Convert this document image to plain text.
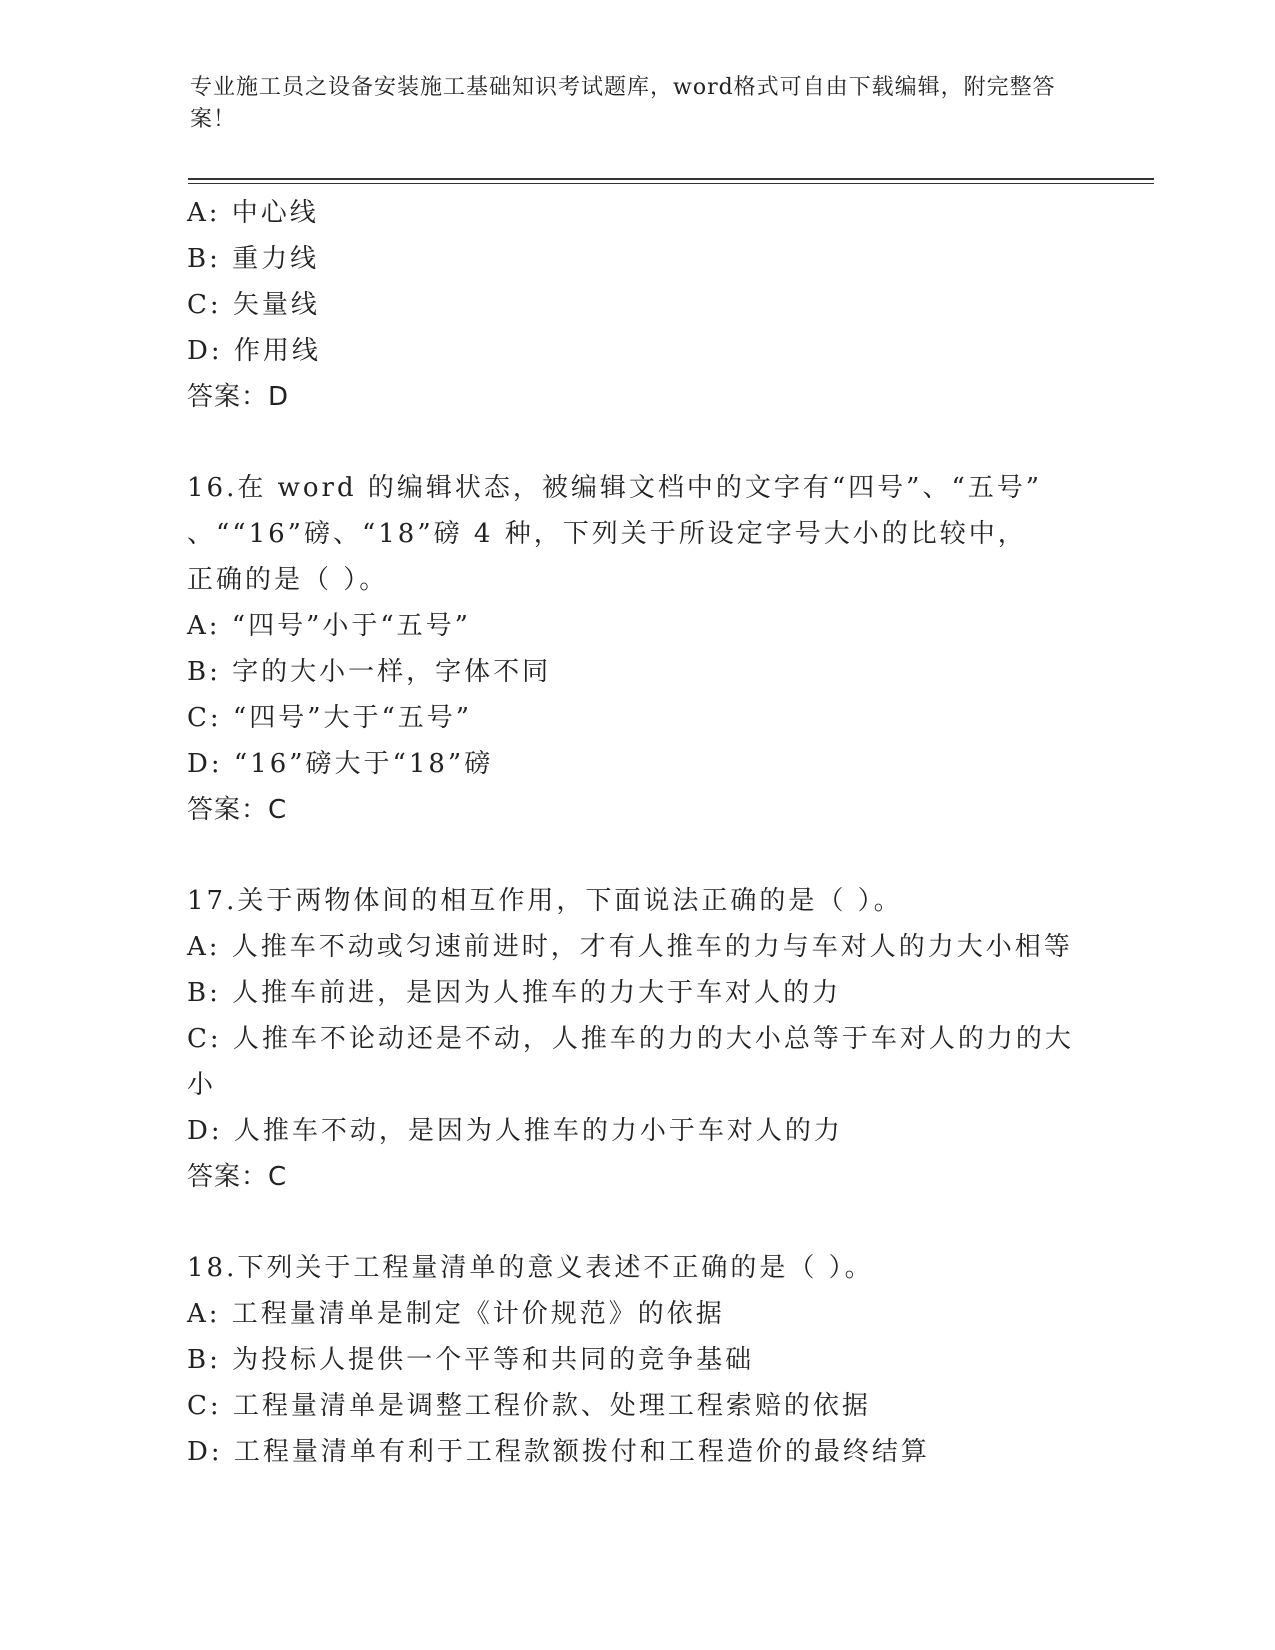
专业施工员之设备安装施工基础知识考试题库，word格式可自由下载编辑，附完整答案！
A: 中心线
B: 重力线
C: 矢量线
D: 作用线
答案：D
16.在 word 的编辑状态，被编辑文档中的文字有“四号”、“五号”
、““16”磅、“18”磅 4 种，下列关于所设定字号大小的比较中，
正确的是（ ）。
A: “四号”小于“五号”
B: 字的大小一样，字体不同
C: “四号”大于“五号”
D: “16”磅大于“18”磅
答案：C
17.关于两物体间的相互作用，下面说法正确的是（ ）。
A: 人推车不动或匀速前进时，才有人推车的力与车对人的力大小相等
B: 人推车前进，是因为人推车的力大于车对人的力
C: 人推车不论动还是不动，人推车的力的大小总等于车对人的力的大
小
D: 人推车不动，是因为人推车的力小于车对人的力
答案：C
18.下列关于工程量清单的意义表述不正确的是（ ）。
A: 工程量清单是制定《计价规范》的依据
B: 为投标人提供一个平等和共同的竞争基础
C: 工程量清单是调整工程价款、处理工程索赔的依据
D: 工程量清单有利于工程款额拨付和工程造价的最终结算
